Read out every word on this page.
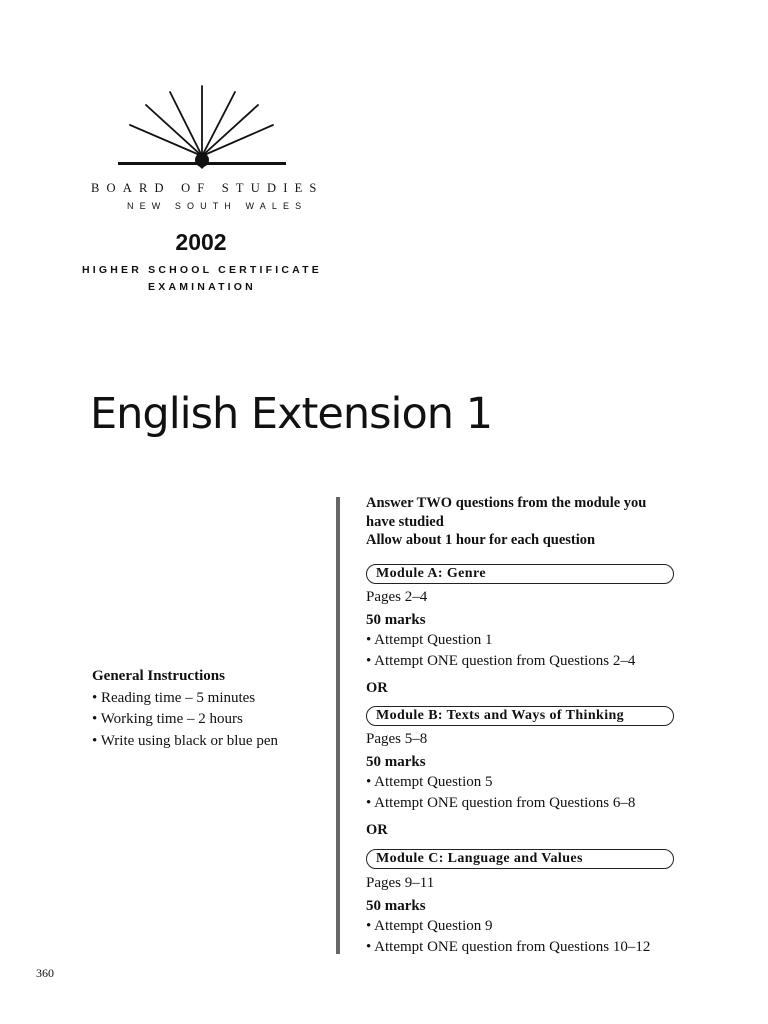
BOARD OF STUDIES
NEW SOUTH WALES
2002
HIGHER SCHOOL CERTIFICATE
EXAMINATION
English Extension 1
General Instructions
• Reading time – 5 minutes
• Working time – 2 hours
• Write using black or blue pen
Answer TWO questions from the module you
have studied
Allow about 1 hour for each question
Module A: Genre
Pages 2–4
50 marks
• Attempt Question 1
• Attempt ONE question from Questions 2–4
OR
Module B: Texts and Ways of Thinking
Pages 5–8
50 marks
• Attempt Question 5
• Attempt ONE question from Questions 6–8
OR
Module C: Language and Values
Pages 9–11
50 marks
• Attempt Question 9
• Attempt ONE question from Questions 10–12
360
